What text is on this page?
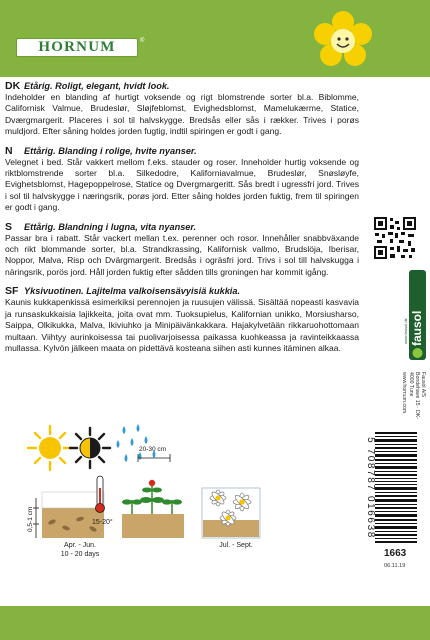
HORNUM	®

DK Etårig. Roligt, elegant, hvidt look.

Indeholder en blanding af hurtigt voksende og rigt blomstrende sorter bl.a. Biblomme, Californisk Valmue, Brudeslør, Sløjfeblomst, Evighedsblomst, Mamelukærme, Statice, Dværgmargerit. Placeres i sol til halvskygge. Bredsås eller sås i rækker. Trives i porøs muldjord. Efter såning holdes jorden fugtig, indtil spiringen er godt i gang.

N Ettårig. Blanding i rolige, hvite nyanser.

Velegnet i bed. Står vakkert mellom f.eks. stauder og roser. Inneholder hurtig voksende og riktblomstrende sorter bl.a. Silkedodre, Kaliforniavalmue, Brudeslør, Snøsløyfe, Evighetsblomst, Hagepoppelrose, Statice og Dvergmargeritt. Sås bredt i ugressfri jord. Trives i sol til halvskygge i næringsrik, porøs jord. Etter såing holdes jorden fuktig, frem til spiringen er godt i gang.

S Ettårig. Blandning i lugna, vita nyanser.

Passar bra i rabatt. Står vackert mellan t.ex. perenner och rosor. Innehåller snabbväxande och rikt blommande sorter, bl.a. Strandkrassing, Kalifornisk vallmo, Brudslöja, Iberisar, Noppor, Malva, Risp och Dvärgmargerit. Bredsås i ogräsfri jord. Trivs i sol till halvskugga i näringsrik, porös jord. Håll jorden fuktig efter sådden tills groningen har kommit igång.

SF Yksivuotinen. Lajitelma valkoisensävyisiä kukkia.

Kaunis kukkapenkissä esimerkiksi perennojen ja ruusujen välissä. Sisältää nopeasti kasvavia ja runsaskukkaisia lajikkeita, joita ovat mm. Tuoksupielus, Kalifornian unikko, Morsiusharso, Saippa, Olkikukka, Malva, Ikiviuhko ja Minipäivänkakkara. Hajakylvetään rikkaruohottomaan multaan. Viihtyy aurinkoisessa tai puolivarjoisessa paikassa kuohkeassa ja ravinteikkaassa mullassa. Kylvön jälkeen maata on pidettävä kosteana siihen asti kunnes itäminen alkaa.

fausol
www.fausol.dk
Fausol A/S
Bondehave 15 · DK-4000 Tune
www.hornum.com
5 708787 016638
1663
06.11.19
0,5-1 cm	15-20°
20-30 cm
Apr. - Jun.
10 - 20 days
Jul. - Sept.
